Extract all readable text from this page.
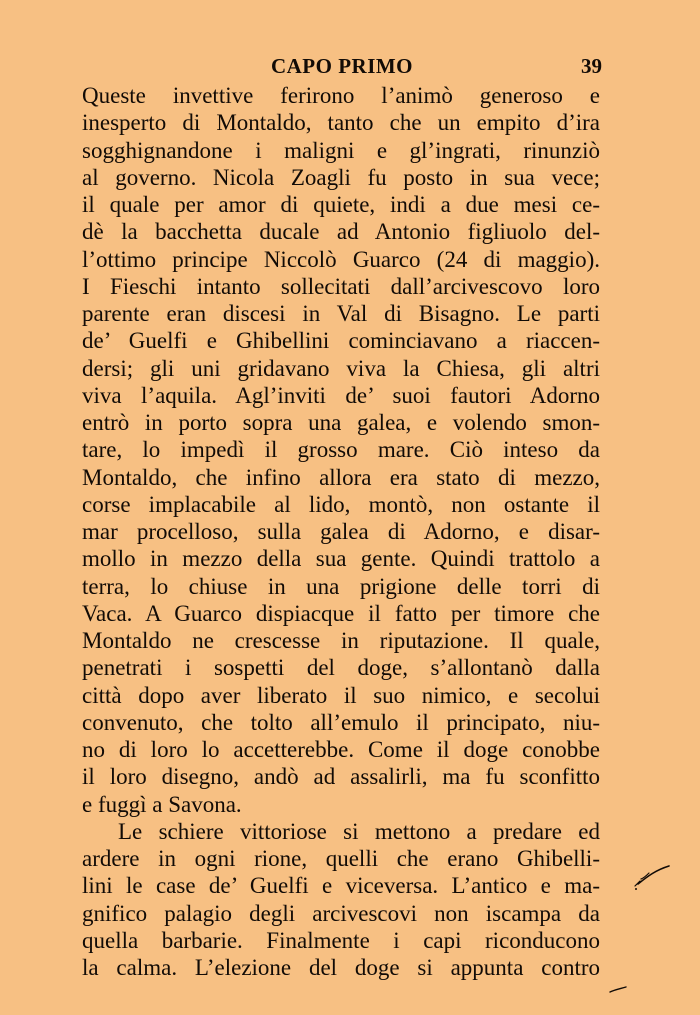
CAPO PRIMO	39
Queste invettive ferirono l’animò generoso e
inesperto di Montaldo, tanto che un empito d’ira
sogghignandone i maligni e gl’ingrati, rinunziò
al governo. Nicola Zoagli fu posto in sua vece;
il quale per amor di quiete, indi a due mesi ce-
dè la bacchetta ducale ad Antonio figliuolo del-
l’ottimo principe Niccolò Guarco (24 di maggio).
I Fieschi intanto sollecitati dall’arcivescovo loro
parente eran discesi in Val di Bisagno. Le parti
de’ Guelfi e Ghibellini cominciavano a riaccen-
dersi; gli uni gridavano viva la Chiesa, gli altri
viva l’aquila. Agl’inviti de’ suoi fautori Adorno
entrò in porto sopra una galea, e volendo smon-
tare, lo impedì il grosso mare. Ciò inteso da
Montaldo, che infino allora era stato di mezzo,
corse implacabile al lido, montò, non ostante il
mar procelloso, sulla galea di Adorno, e disar-
mollo in mezzo della sua gente. Quindi trattolo a
terra, lo chiuse in una prigione delle torri di
Vaca. A Guarco dispiacque il fatto per timore che
Montaldo ne crescesse in riputazione. Il quale,
penetrati i sospetti del doge, s’allontanò dalla
città dopo aver liberato il suo nimico, e secolui
convenuto, che tolto all’emulo il principato, niu-
no di loro lo accetterebbe. Come il doge conobbe
il loro disegno, andò ad assalirli, ma fu sconfitto
e fuggì a Savona.
Le schiere vittoriose si mettono a predare ed
ardere in ogni rione, quelli che erano Ghibelli-
lini le case de’ Guelfi e viceversa. L’antico e ma-
gnifico palagio degli arcivescovi non iscampa da
quella barbarie. Finalmente i capi riconducono
la calma. L’elezione del doge si appunta contro
